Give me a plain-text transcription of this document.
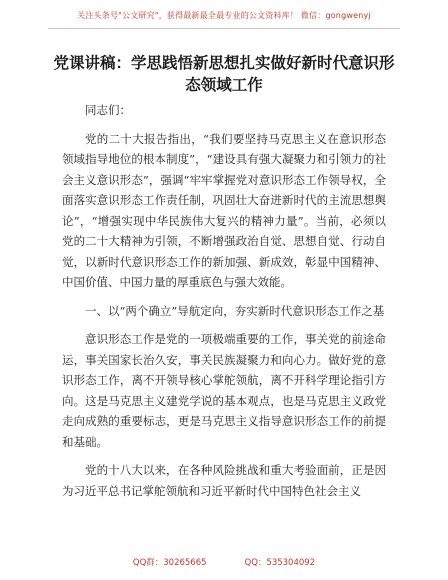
关注头条号"公文研究"，获得最新最全最专业的公文资料库！ 微信：gongwenyj
党课讲稿：学思践悟新思想扎实做好新时代意识形态领域工作

同志们：

党的二十大报告指出，“我们要坚持马克思主义在意识形态领域指导地位的根本制度”，“建设具有强大凝聚力和引领力的社会主义意识形态”，强调“牢牢掌握党对意识形态工作领导权，全面落实意识形态工作责任制，巩固壮大奋进新时代的主流思想舆论”，“增强实现中华民族伟大复兴的精神力量”。当前，必须以党的二十大精神为引领，不断增强政治自觉、思想自觉、行动自觉，以新时代意识形态工作的新加强、新成效，彰显中国精神、中国价值、中国力量的厚重底色与强大效能。

一、以“两个确立”导航定向，夯实新时代意识形态工作之基

意识形态工作是党的一项极端重要的工作，事关党的前途命运，事关国家长治久安，事关民族凝聚力和向心力。做好党的意识形态工作，离不开领导核心掌舵领航，离不开科学理论指引方向。这是马克思主义建党学说的基本观点，也是马克思主义政党走向成熟的重要标志，更是马克思主义指导意识形态工作的前提和基础。

党的十八大以来，在各种风险挑战和重大考验面前，正是因为习近平总书记掌舵领航和习近平新时代中国特色社会主义

QQ群：30265665	QQ：535304092
